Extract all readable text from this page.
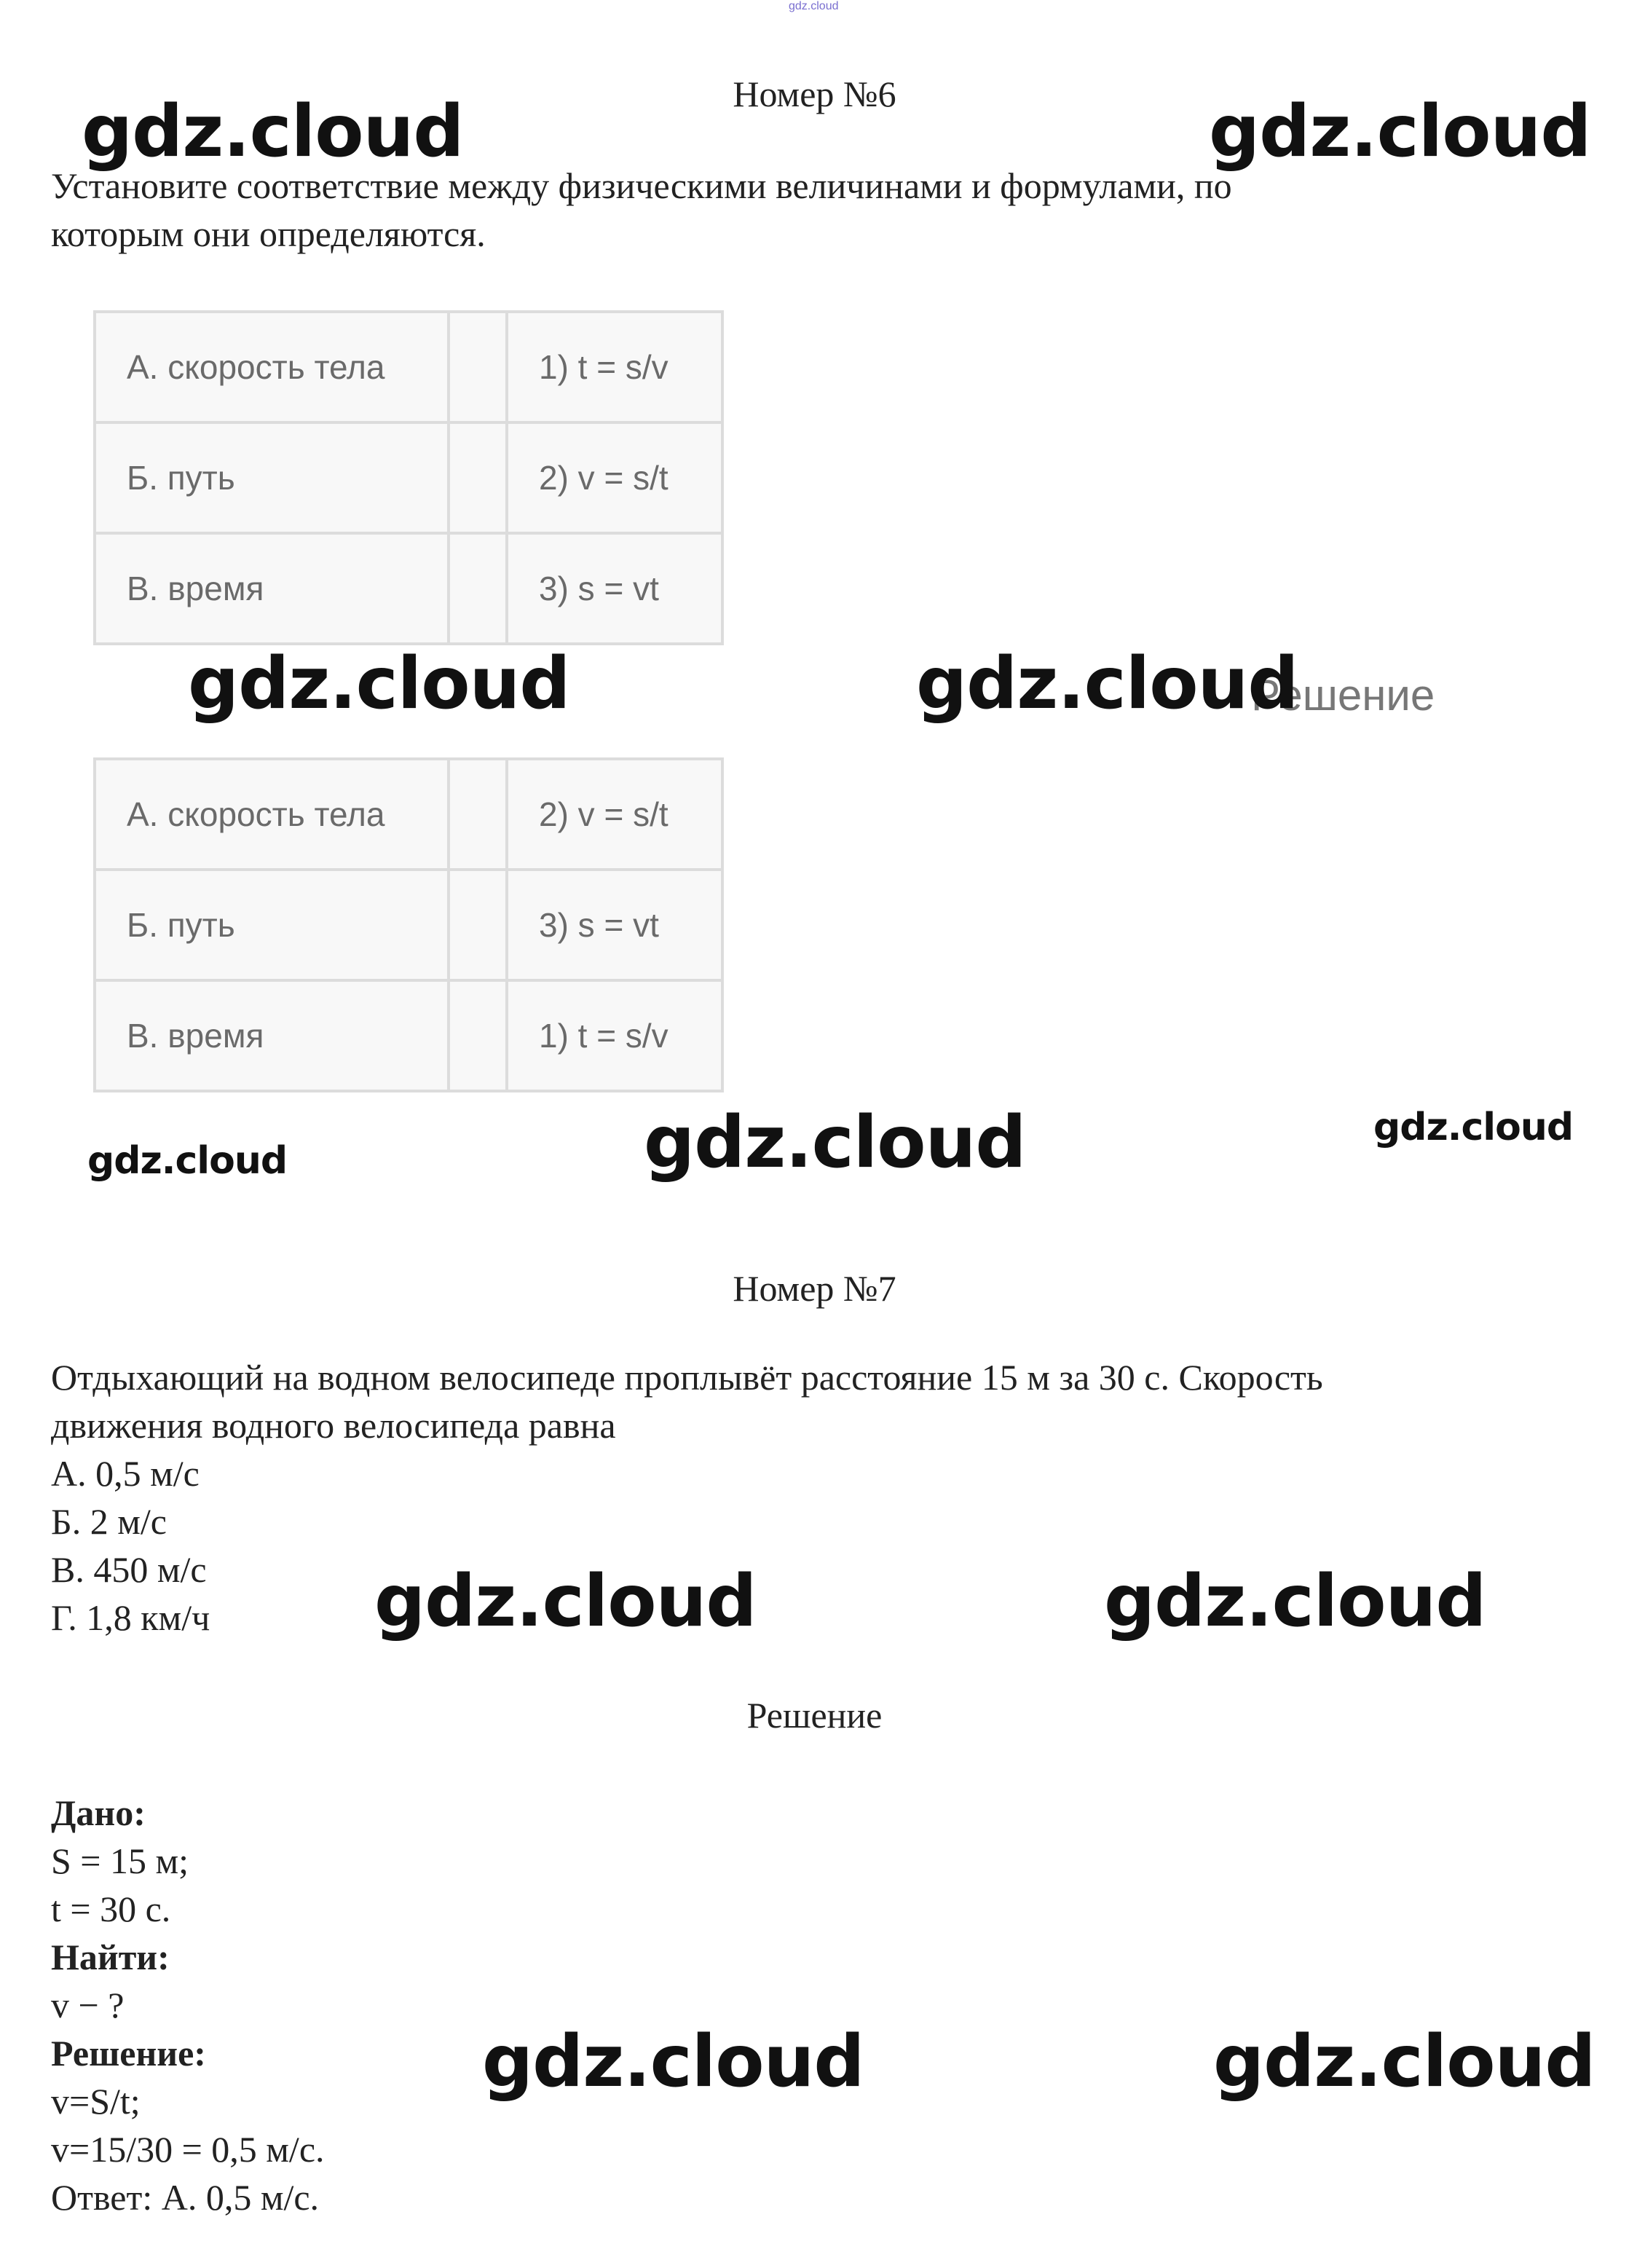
gdz.cloud
Номер №6
Установите соответствие между физическими величинами и формулами, по
которым они определяются.
A. скорость тела		1) t = s/v
Б. путь		2) v = s/t
B. время		3) s = vt
Решение
A. скорость тела		2) v = s/t
Б. путь		3) s = vt
B. время		1) t = s/v
Номер №7
Отдыхающий на водном велосипеде проплывёт расстояние 15 м за 30 с. Скорость
движения водного велосипеда равна
А. 0,5 м/с
Б. 2 м/с
В. 450 м/с
Г. 1,8 км/ч
Решение
Дано:
S = 15 м;
t = 30 с.
Найти:
v − ?
Решение:
v=S/t;
v=15/30 = 0,5 м/с.
Ответ: А. 0,5 м/с.
gdz.cloud	gdz.cloud
gdz.cloud	gdz.cloud
gdz.cloud	gdz.cloud	gdz.cloud
gdz.cloud	gdz.cloud
gdz.cloud	gdz.cloud
